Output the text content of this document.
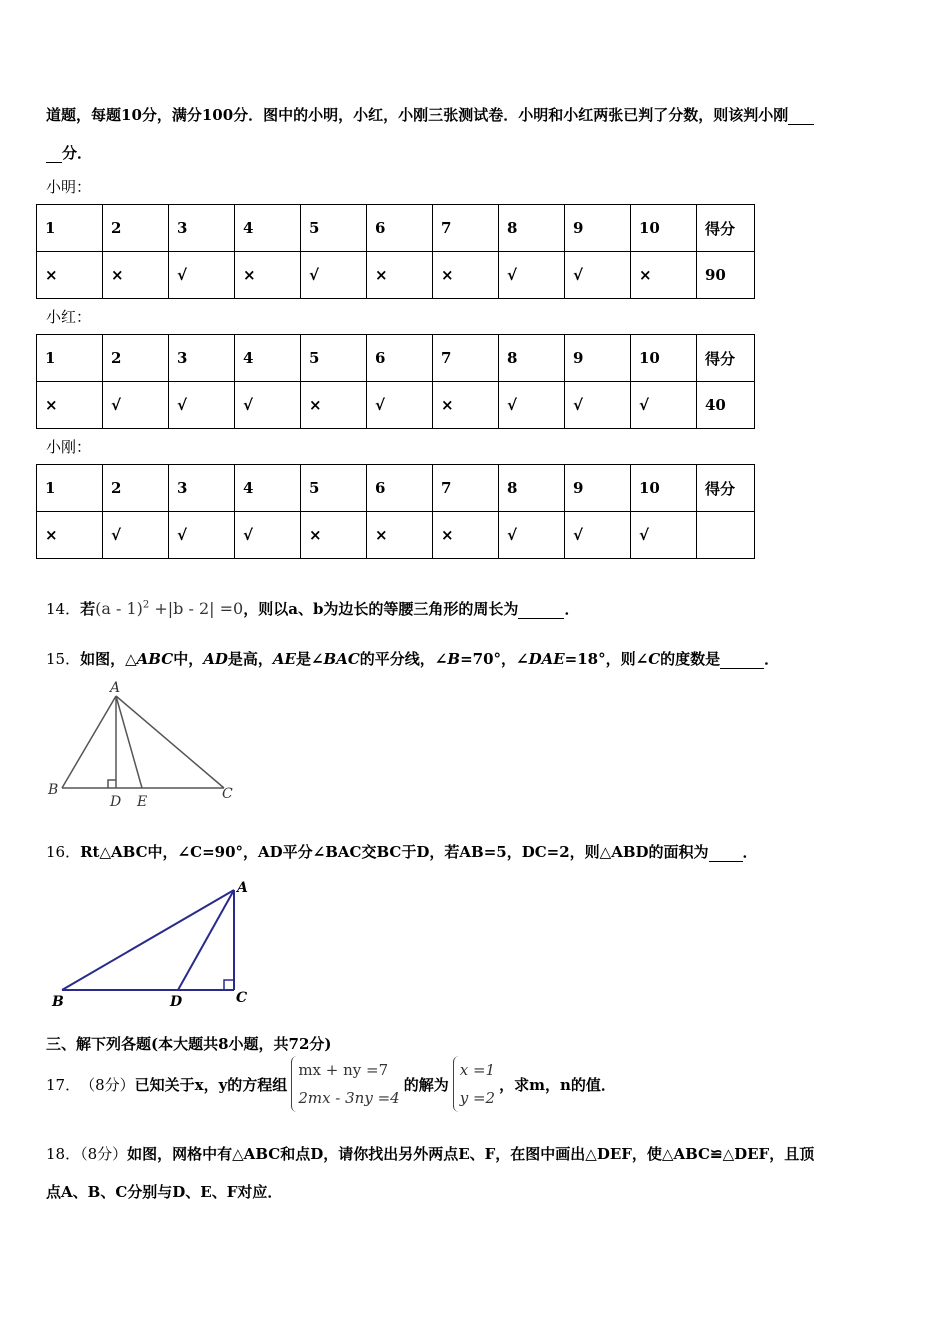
道题，每题10分，满分100分．图中的小明，小红，小刚三张测试卷．小明和小红两张已判了分数，则该判小刚
分．
小明：
1	2	3	4	5	6	7	8	9	10	得分
×	×	√	×	√	×	×	√	√	×	90
小红：
1	2	3	4	5	6	7	8	9	10	得分
×	√	√	√	×	√	×	√	√	√	40
小刚：
1	2	3	4	5	6	7	8	9	10	得分
×	√	√	√	×	×	×	√	√	√	
14．若(a - 1)$^2$ +|b - 2| =0，则以a、b为边长的等腰三角形的周长为	．
15．如图，△ABC中，AD是高，AE是∠BAC的平分线，∠B=70°，∠DAE=18°，则∠C的度数是	．
A
B
D E	C
16．Rt△ABC中，∠C=90°，AD平分∠BAC交BC于D，若AB=5，DC=2，则△ABD的面积为 ．
A
B	D	C
三、解下列各题(本大题共8小题，共72分)
17． （8分） 已知关于x，y的方程组
mx + ny =7
2mx - 3ny =4
的解为
x =1
y =2
，求m，n的值．
18．（8分）如图，网格中有△ABC和点D，请你找出另外两点E、F，在图中画出△DEF，使△ABC≌△DEF，且顶
点A、B、C分别与D、E、F对应．
